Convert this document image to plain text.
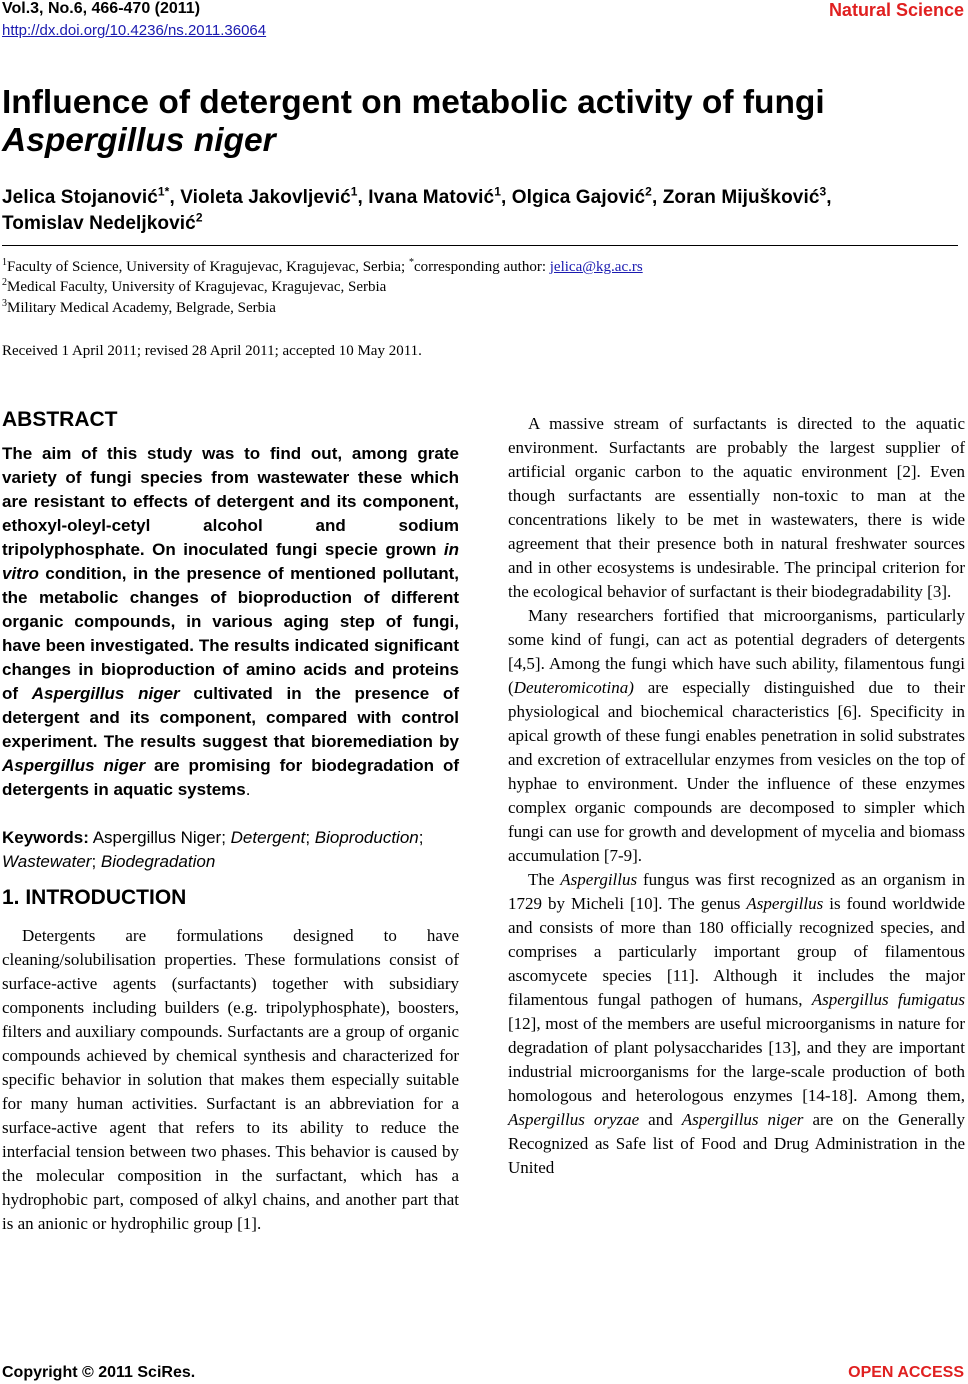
Vol.3, No.6, 466-470 (2011)
http://dx.doi.org/10.4236/ns.2011.36064
Natural Science
Influence of detergent on metabolic activity of fungi
Aspergillus niger
Jelica Stojanović$^{1*}$, Violeta Jakovljević$^1$, Ivana Matović$^1$, Olgica Gajović$^2$, Zoran Mijušković$^3$,
Tomislav Nedeljković$^2$
$^1$Faculty of Science, University of Kragujevac, Kragujevac, Serbia; *corresponding author: jelica@kg.ac.rs
$^2$Medical Faculty, University of Kragujevac, Kragujevac, Serbia
$^3$Military Medical Academy, Belgrade, Serbia
Received 1 April 2011; revised 28 April 2011; accepted 10 May 2011.
ABSTRACT

The aim of this study was to find out, among grate variety of fungi species from wastewater these which are resistant to effects of detergent and its component, ethoxyl-oleyl-cetyl alcohol and sodium tripolyphosphate. On inoculated fungi specie grown in vitro condition, in the presence of mentioned pollutant, the metabolic changes of bioproduction of different organic compounds, in various aging step of fungi, have been investigated. The results indicated significant changes in bioproduction of amino acids and proteins of Aspergillus niger cultivated in the presence of detergent and its component, compared with control experiment. The results suggest that bioremediation by Aspergillus niger are promising for biodegradation of detergents in aquatic systems.

Keywords: Aspergillus Niger; Detergent; Bioproduction; Wastewater; Biodegradation

1. INTRODUCTION

Detergents are formulations designed to have cleaning/solubilisation properties. These formulations consist of surface-active agents (surfactants) together with subsidiary components including builders (e.g. tripolyphosphate), boosters, filters and auxiliary compounds. Surfactants are a group of organic compounds achieved by chemical synthesis and characterized for specific behavior in solution that makes them especially suitable for many human activities. Surfactant is an abbreviation for a surface-active agent that refers to its ability to reduce the interfacial tension between two phases. This behavior is caused by the molecular composition in the surfactant, which has a hydrophobic part, composed of alkyl chains, and another part that is an anionic or hydrophilic group [1].

A massive stream of surfactants is directed to the aquatic environment. Surfactants are probably the largest supplier of artificial organic carbon to the aquatic environment [2]. Even though surfactants are essentially non-toxic to man at the concentrations likely to be met in wastewaters, there is wide agreement that their presence both in natural freshwater sources and in other ecosystems is undesirable. The principal criterion for the ecological behavior of surfactant is their biodegradability [3].

Many researchers fortified that microorganisms, particularly some kind of fungi, can act as potential degraders of detergents [4,5]. Among the fungi which have such ability, filamentous fungi (Deuteromicotina) are especially distinguished due to their physiological and biochemical characteristics [6]. Specificity in apical growth of these fungi enables penetration in solid substrates and excretion of extracellular enzymes from vesicles on the top of hyphae to environment. Under the influence of these enzymes complex organic compounds are decomposed to simpler which fungi can use for growth and development of mycelia and biomass accumulation [7-9].

The Aspergillus fungus was first recognized as an organism in 1729 by Micheli [10]. The genus Aspergillus is found worldwide and consists of more than 180 officially recognized species, and comprises a particularly important group of filamentous ascomycete species [11]. Although it includes the major filamentous fungal pathogen of humans, Aspergillus fumigatus [12], most of the members are useful microorganisms in nature for degradation of plant polysaccharides [13], and they are important industrial microorganisms for the large-scale production of both homologous and heterologous enzymes [14-18]. Among them, Aspergillus oryzae and Aspergillus niger are on the Generally Recognized as Safe list of Food and Drug Administration in the United

Copyright © 2011 SciRes.	OPEN ACCESS
